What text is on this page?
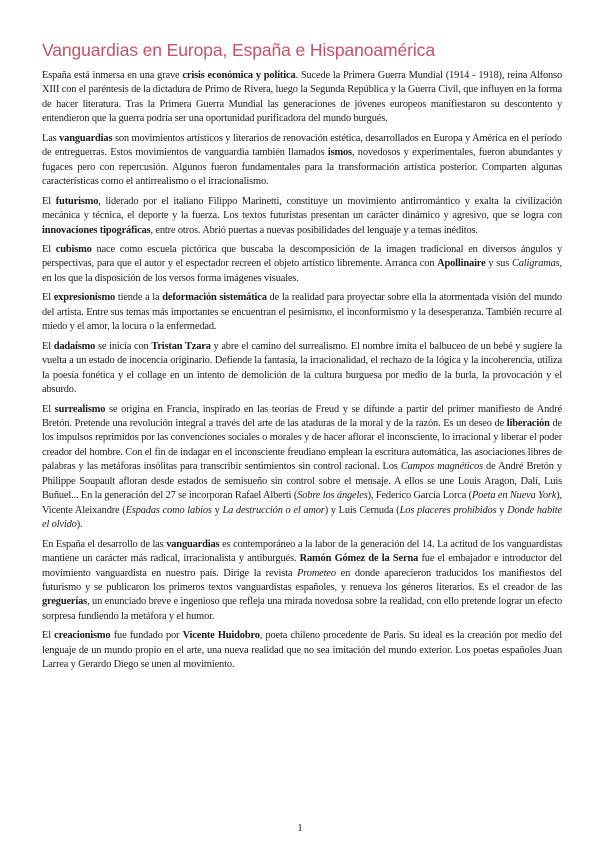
Vanguardias en Europa, España e Hispanoamérica

España está inmersa en una grave crisis económica y política. Sucede la Primera Guerra Mundial (1914 - 1918), reina Alfonso XIII con el paréntesis de la dictadura de Primo de Rivera, luego la Segunda República y la Guerra Civil, que influyen en la forma de hacer literatura. Tras la Primera Guerra Mundial las generaciones de jóvenes europeos manifiestaron su descontento y entendieron que la guerra podría ser una oportunidad purificadora del mundo burgués.

Las vanguardias son movimientos artísticos y literarios de renovación estética, desarrollados en Europa y América en el período de entreguerras. Estos movimientos de vanguardia también llamados ismos, novedosos y experimentales, fueron abundantes y fugaces pero con repercusión. Algunos fueron fundamentales para la transformación artística posterior. Comparten algunas características como el antirrealismo o el irracionalismo.

El futurismo, liderado por el italiano Filippo Marinetti, constituye un movimiento antirromántico y exalta la civilización mecánica y técnica, el deporte y la fuerza. Los textos futuristas presentan un carácter dinámico y agresivo, que se logra con innovaciones tipográficas, entre otros. Abrió puertas a nuevas posibilidades del lenguaje y a temas inéditos.

El cubismo nace como escuela pictórica que buscaba la descomposición de la imagen tradicional en diversos ángulos y perspectivas, para que el autor y el espectador recreen el objeto artístico libremente. Arranca con Apollinaire y sus Caligramas, en los que la disposición de los versos forma imágenes visuales.

El expresionismo tiende a la deformación sistemática de la realidad para proyectar sobre ella la atormentada visión del mundo del artista. Entre sus temas más importantes se encuentran el pesimismo, el inconformismo y la desesperanza. También recurre al miedo y el amor, la locura o la enfermedad.

El dadaísmo se inicia con Tristan Tzara y abre el camino del surrealismo. El nombre imita el balbuceo de un bebé y sugiere la vuelta a un estado de inocencia originario. Defiende la fantasía, la irracionalidad, el rechazo de la lógica y la incoherencia, utiliza la poesía fonética y el collage en un intento de demolición de la cultura burguesa por medio de la burla, la provocación y el absurdo.

El surrealismo se origina en Francia, inspirado en las teorías de Freud y se difunde a partir del primer manifiesto de André Bretón. Pretende una revolución integral a través del arte de las ataduras de la moral y de la razón. Es un deseo de liberación de los impulsos reprimidos por las convenciones sociales o morales y de hacer aflorar el inconsciente, lo irracional y liberar el poder creador del hombre. Con el fin de indagar en el inconsciente freudiano emplean la escritura automática, las asociaciones libres de palabras y las metáforas insólitas para transcribir sentimientos sin control racional. Los Campos magnéticos de André Bretón y Philippe Soupault afloran desde estados de semisueño sin control sobre el mensaje. A ellos se une Louis Aragon, Dalí, Luis Buñuel... En la generación del 27 se incorporan Rafael Alberti (Sobre los ángeles), Federico García Lorca (Poeta en Nueva York), Vicente Aleixandre (Espadas como labios y La destrucción o el amor) y Luis Cernuda (Los placeres prohibidos y Donde habite el olvido).

En España el desarrollo de las vanguardias es contemporáneo a la labor de la generación del 14. La actitud de los vanguardistas mantiene un carácter más radical, irracionalista y antiburgués. Ramón Gómez de la Serna fue el embajador e introductor del movimiento vanguardista en nuestro país. Dirige la revista Prometeo en donde aparecieron traducidos los manifiestos del futurismo y se publicaron los primeros textos vanguardistas españoles, y renueva los géneros literarios. Es el creador de las greguerías, un enunciado breve e ingenioso que refleja una mirada novedosa sobre la realidad, con ello pretende lograr un efecto sorpresa fundiendo la metáfora y el humor.

El creacionismo fue fundado por Vicente Huidobro, poeta chileno procedente de París. Su ideal es la creación por medio del lenguaje de un mundo propio en el arte, una nueva realidad que no sea imitación del mundo exterior. Los poetas españoles Juan Larrea y Gerardo Diego se unen al movimiento.

1
